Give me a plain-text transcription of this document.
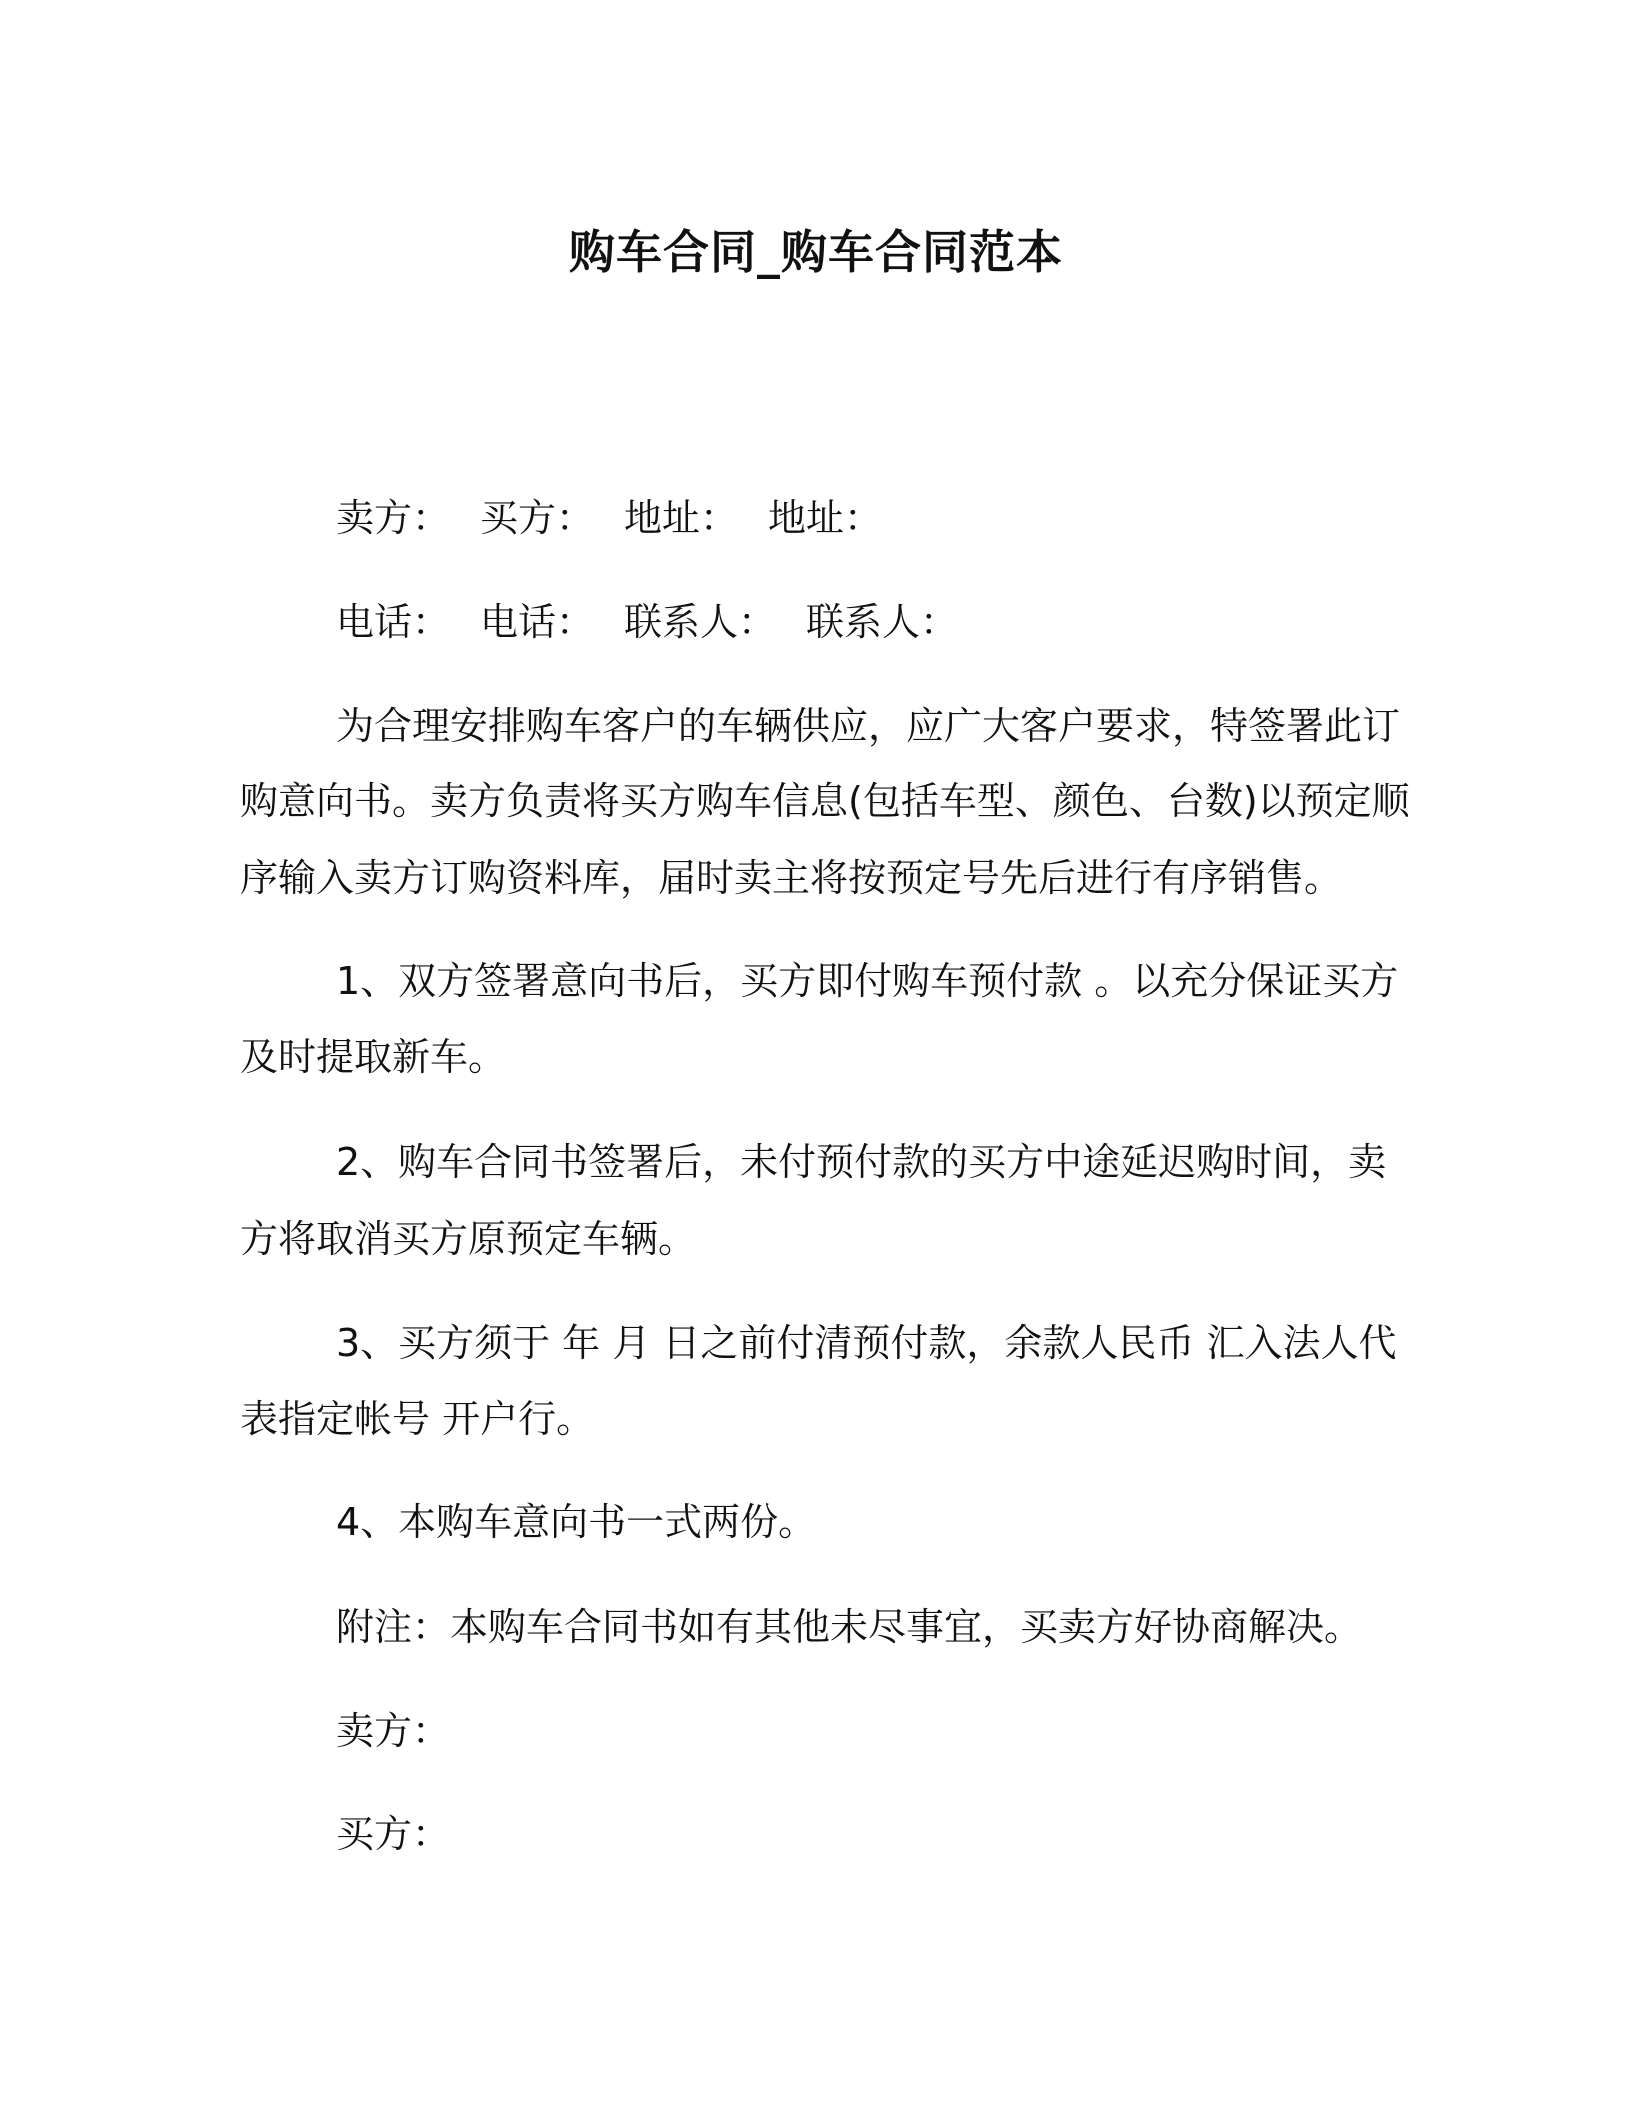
购车合同_购车合同范本
卖方： 买方： 地址： 地址：
电话： 电话： 联系人： 联系人：
为合理安排购车客户的车辆供应，应广大客户要求，特签署此订
购意向书。卖方负责将买方购车信息(包括车型、颜色、台数)以预定顺
序输入卖方订购资料库，届时卖主将按预定号先后进行有序销售。
1、双方签署意向书后，买方即付购车预付款 。以充分保证买方
及时提取新车。
2、购车合同书签署后，未付预付款的买方中途延迟购时间，卖
方将取消买方原预定车辆。
3、买方须于 年 月 日之前付清预付款，余款人民币 汇入法人代
表指定帐号 开户行。
4、本购车意向书一式两份。
附注：本购车合同书如有其他未尽事宜，买卖方好协商解决。
卖方：
买方：
